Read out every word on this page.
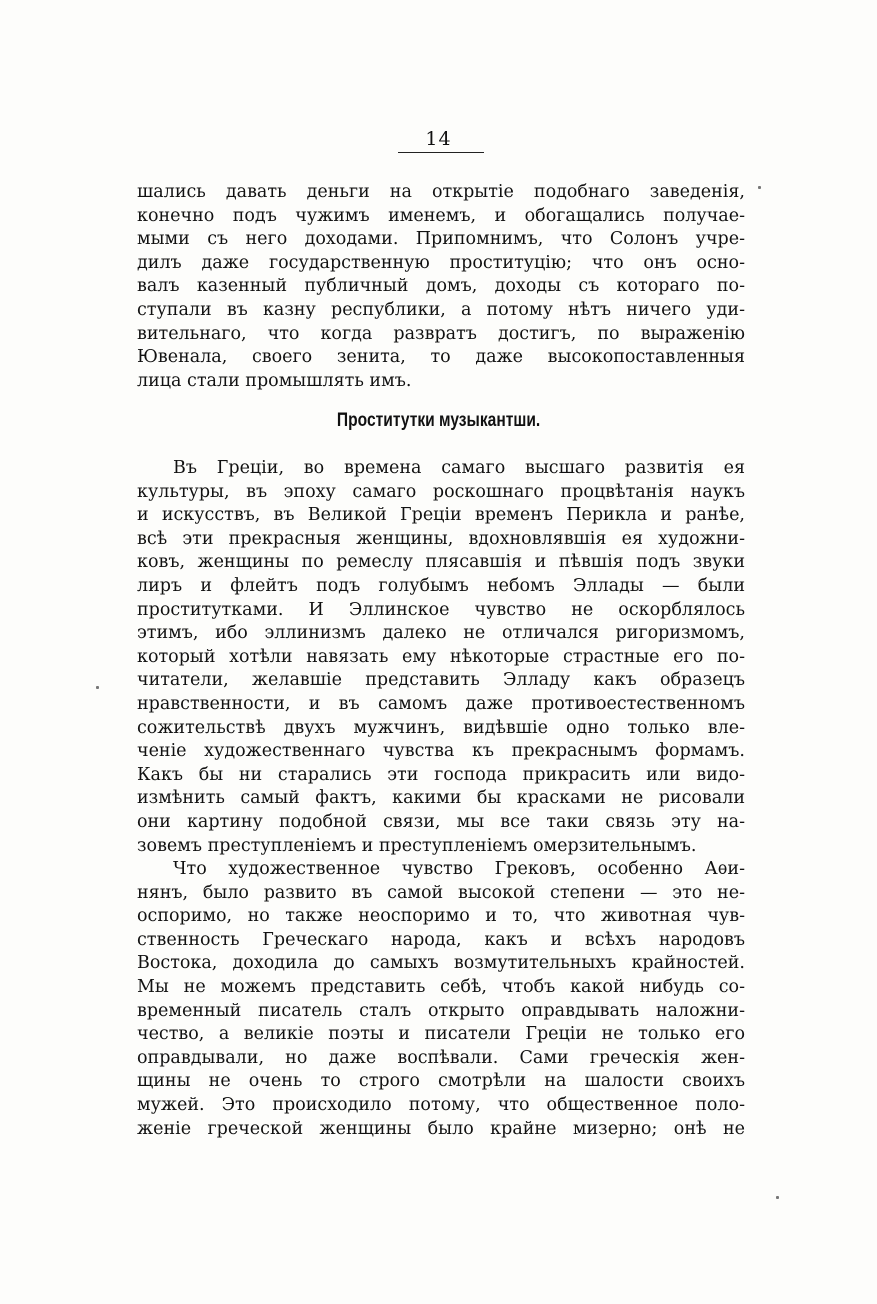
14
шались давать деньги на открытіе подобнаго заведенія,
конечно подъ чужимъ именемъ, и обогащались получае-
мыми съ него доходами. Припомнимъ, что Солонъ учре-
дилъ даже государственную проституцію; что онъ осно-
валъ казенный публичный домъ, доходы съ котораго по-
ступали въ казну республики, а потому нѣтъ ничего уди-
вительнаго, что когда развратъ достигъ, по выраженію
Ювенала, своего зенита, то даже высокопоставленныя
лица стали промышлять имъ.
Проститутки музыкантши.
Въ Греціи, во времена самаго высшаго развитія ея
культуры, въ эпоху самаго роскошнаго процвѣтанія наукъ
и искусствъ, въ Великой Греціи временъ Перикла и ранѣе,
всѣ эти прекрасныя женщины, вдохновлявшія ея художни-
ковъ, женщины по ремеслу плясавшія и пѣвшія подъ звуки
лиръ и флейтъ подъ голубымъ небомъ Эллады — были
проститутками. И Эллинское чувство не оскорблялось
этимъ, ибо эллинизмъ далеко не отличался ригоризмомъ,
который хотѣли навязать ему нѣкоторые страстные его по-
читатели, желавшіе представить Элладу какъ образецъ
нравственности, и въ самомъ даже противоестественномъ
сожительствѣ двухъ мужчинъ, видѣвшіе одно только вле-
ченіе художественнаго чувства къ прекраснымъ формамъ.
Какъ бы ни старались эти господа прикрасить или видо-
измѣнить самый фактъ, какими бы красками не рисовали
они картину подобной связи, мы все таки связь эту на-
зовемъ преступленіемъ и преступленіемъ омерзительнымъ.
Что художественное чувство Грековъ, особенно Аѳи-
нянъ, было развито въ самой высокой степени — это не-
оспоримо, но также неоспоримо и то, что животная чув-
ственность Греческаго народа, какъ и всѣхъ народовъ
Востока, доходила до самыхъ возмутительныхъ крайностей.
Мы не можемъ представить себѣ, чтобъ какой нибудь со-
временный писатель сталъ открыто оправдывать наложни-
чество, а великіе поэты и писатели Греціи не только его
оправдывали, но даже воспѣвали. Сами греческія жен-
щины не очень то строго смотрѣли на шалости своихъ
мужей. Это происходило потому, что общественное поло-
женіе греческой женщины было крайне мизерно; онѣ не
